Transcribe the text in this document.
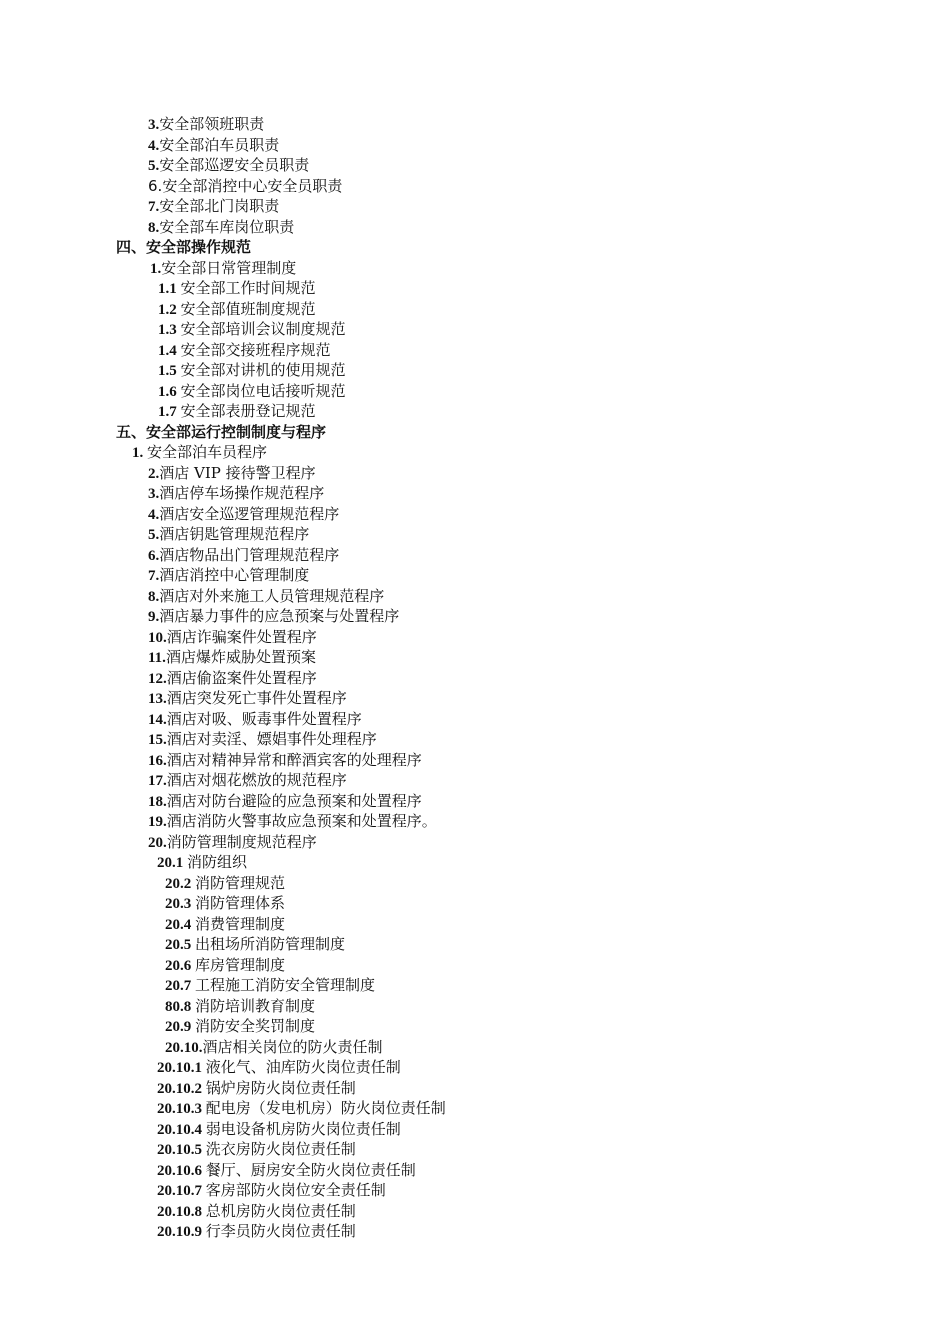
3.安全部领班职责
4.安全部泊车员职责
5.安全部巡逻安全员职责
6.安全部消控中心安全员职责
7.安全部北门岗职责
8.安全部车库岗位职责
四、安全部操作规范
1.安全部日常管理制度
1.1 安全部工作时间规范
1.2 安全部值班制度规范
1.3 安全部培训会议制度规范
1.4 安全部交接班程序规范
1.5 安全部对讲机的使用规范
1.6 安全部岗位电话接听规范
1.7 安全部表册登记规范
五、安全部运行控制制度与程序
1. 安全部泊车员程序
2.酒店 VIP 接待警卫程序
3.酒店停车场操作规范程序
4.酒店安全巡逻管理规范程序
5.酒店钥匙管理规范程序
6.酒店物品出门管理规范程序
7.酒店消控中心管理制度
8.酒店对外来施工人员管理规范程序
9.酒店暴力事件的应急预案与处置程序
10.酒店诈骗案件处置程序
11.酒店爆炸威胁处置预案
12.酒店偷盗案件处置程序
13.酒店突发死亡事件处置程序
14.酒店对吸、贩毒事件处置程序
15.酒店对卖淫、嫖娼事件处理程序
16.酒店对精神异常和醉酒宾客的处理程序
17.酒店对烟花燃放的规范程序
18.酒店对防台避险的应急预案和处置程序
19.酒店消防火警事故应急预案和处置程序。
20.消防管理制度规范程序
20.1 消防组织
20.2 消防管理规范
20.3 消防管理体系
20.4 消费管理制度
20.5 出租场所消防管理制度
20.6 库房管理制度
20.7 工程施工消防安全管理制度
80.8 消防培训教育制度
20.9 消防安全奖罚制度
20.10.酒店相关岗位的防火责任制
20.10.1 液化气、油库防火岗位责任制
20.10.2 锅炉房防火岗位责任制
20.10.3 配电房（发电机房）防火岗位责任制
20.10.4 弱电设备机房防火岗位责任制
20.10.5 洗衣房防火岗位责任制
20.10.6 餐厅、厨房安全防火岗位责任制
20.10.7 客房部防火岗位安全责任制
20.10.8 总机房防火岗位责任制
20.10.9 行李员防火岗位责任制
